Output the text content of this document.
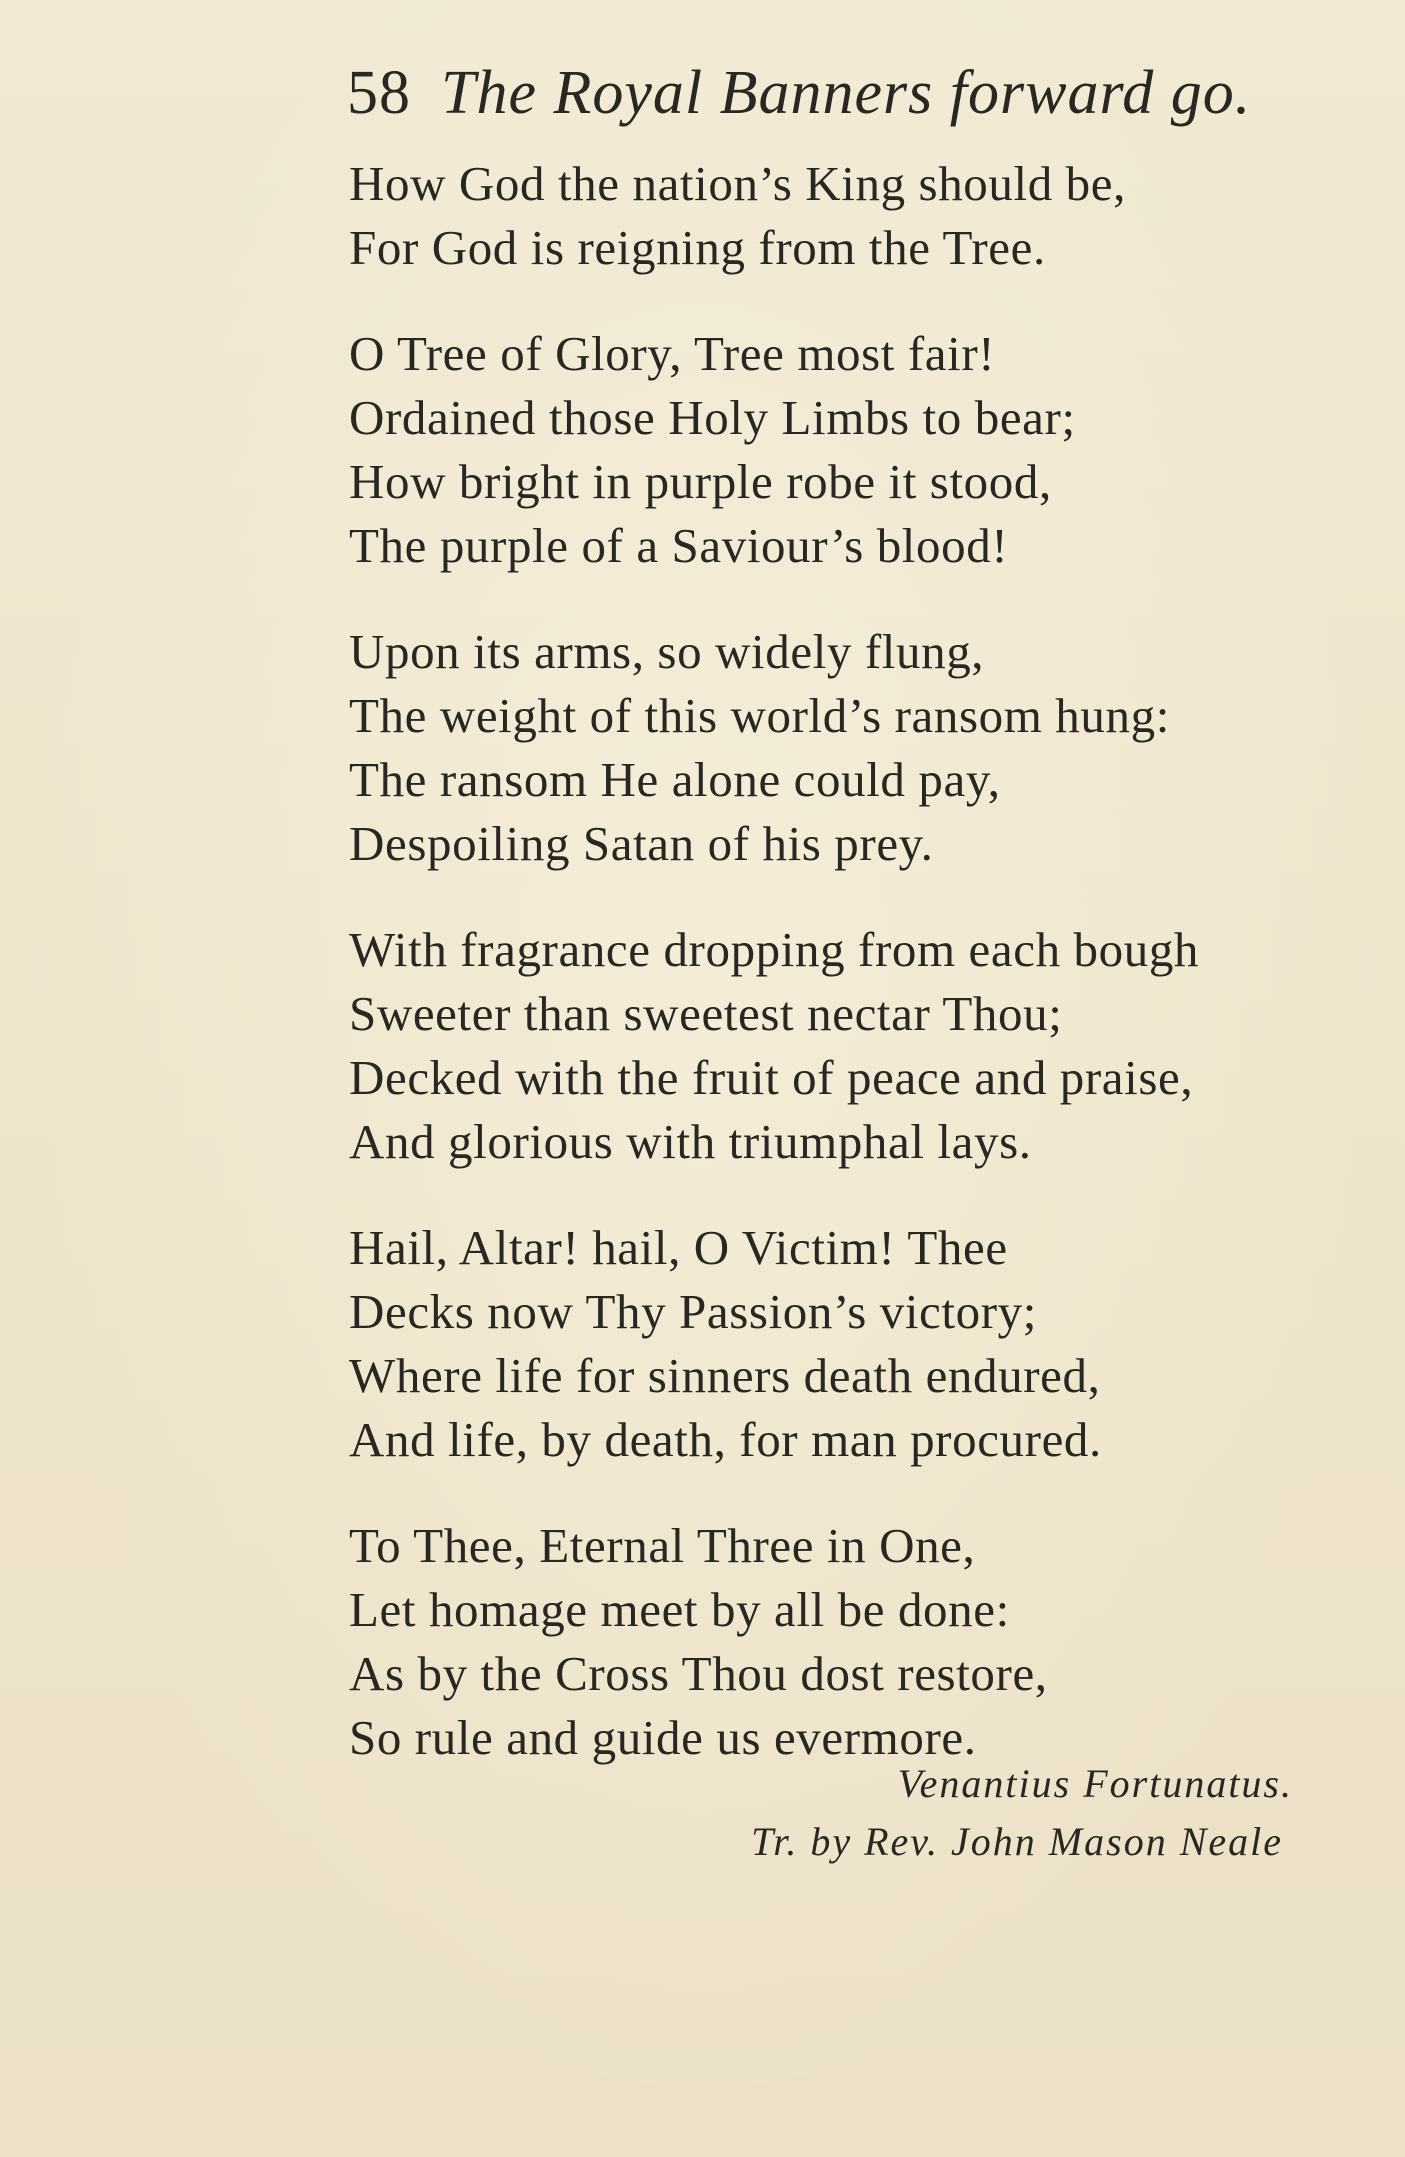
58 The Royal Banners forward go.
How God the nation’s King should be,
For God is reigning from the Tree.
O Tree of Glory, Tree most fair!
Ordained those Holy Limbs to bear;
How bright in purple robe it stood,
The purple of a Saviour’s blood!
Upon its arms, so widely flung,
The weight of this world’s ransom hung:
The ransom He alone could pay,
Despoiling Satan of his prey.
With fragrance dropping from each bough
Sweeter than sweetest nectar Thou;
Decked with the fruit of peace and praise,
And glorious with triumphal lays.
Hail, Altar! hail, O Victim! Thee
Decks now Thy Passion’s victory;
Where life for sinners death endured,
And life, by death, for man procured.
To Thee, Eternal Three in One,
Let homage meet by all be done:
As by the Cross Thou dost restore,
So rule and guide us evermore.
Venantius Fortunatus.
Tr. by Rev. John Mason Neale
